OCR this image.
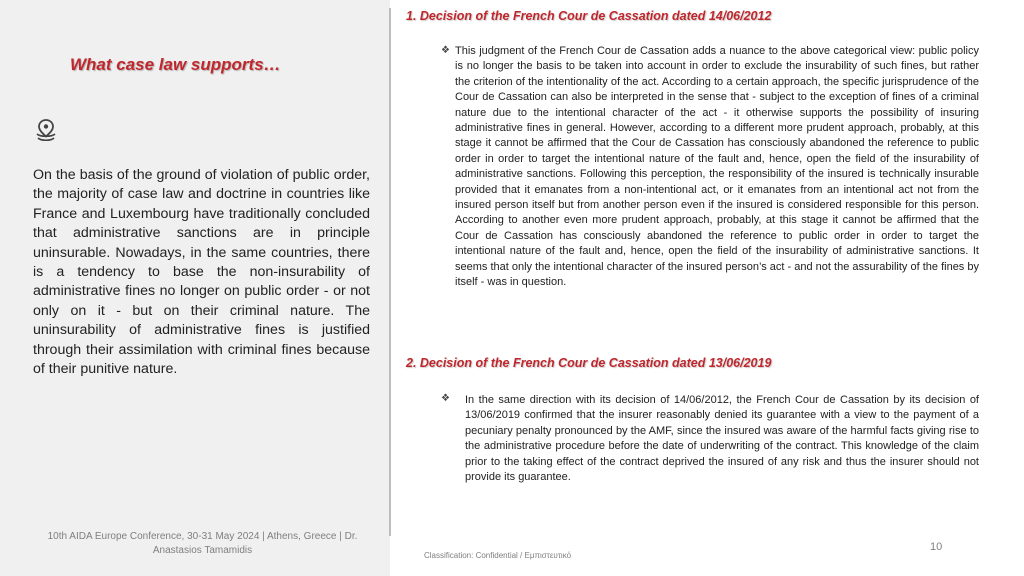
What case law supports…
On the basis of the ground of violation of public order, the majority of case law and doctrine in countries like France and Luxembourg have traditionally concluded that administrative sanctions are in principle uninsurable. Nowadays, in the same countries, there is a tendency to base the non-insurability of administrative fines no longer on public order - or not only on it - but on their criminal nature. The uninsurability of administrative fines is justified through their assimilation with criminal fines because of their punitive nature.
10th AIDA Europe Conference, 30-31 May 2024 | Athens, Greece | Dr. Anastasios Tamamidis
1. Decision of the French Cour de Cassation dated 14/06/2012
❖ This judgment of the French Cour de Cassation adds a nuance to the above categorical view: public policy is no longer the basis to be taken into account in order to exclude the insurability of such fines, but rather the criterion of the intentionality of the act. According to a certain approach, the specific jurisprudence of the Cour de Cassation can also be interpreted in the sense that - subject to the exception of fines of a criminal nature due to the intentional character of the act - it otherwise supports the possibility of insuring administrative fines in general. However, according to a different more prudent approach, probably, at this stage it cannot be affirmed that the Cour de Cassation has consciously abandoned the reference to public order in order to target the intentional nature of the fault and, hence, open the field of the insurability of administrative sanctions. Following this perception, the responsibility of the insured is technically insurable provided that it emanates from a non-intentional act, or it emanates from an intentional act not from the insured person itself but from another person even if the insured is considered responsible for this person. According to another even more prudent approach, probably, at this stage it cannot be affirmed that the Cour de Cassation has consciously abandoned the reference to public order in order to target the intentional nature of the fault and, hence, open the field of the insurability of administrative sanctions. It seems that only the intentional character of the insured person’s act - and not the assurability of the fines by itself - was in question.
2. Decision of the French Cour de Cassation dated 13/06/2019
❖ In the same direction with its decision of 14/06/2012, the French Cour de Cassation by its decision of 13/06/2019 confirmed that the insurer reasonably denied its guarantee with a view to the payment of a pecuniary penalty pronounced by the AMF, since the insured was aware of the harmful facts giving rise to the administrative procedure before the date of underwriting of the contract. This knowledge of the claim prior to the taking effect of the contract deprived the insured of any risk and thus the insurer should not provide its guarantee.
10
Classification: Confidential / Εμπιστευτικό
